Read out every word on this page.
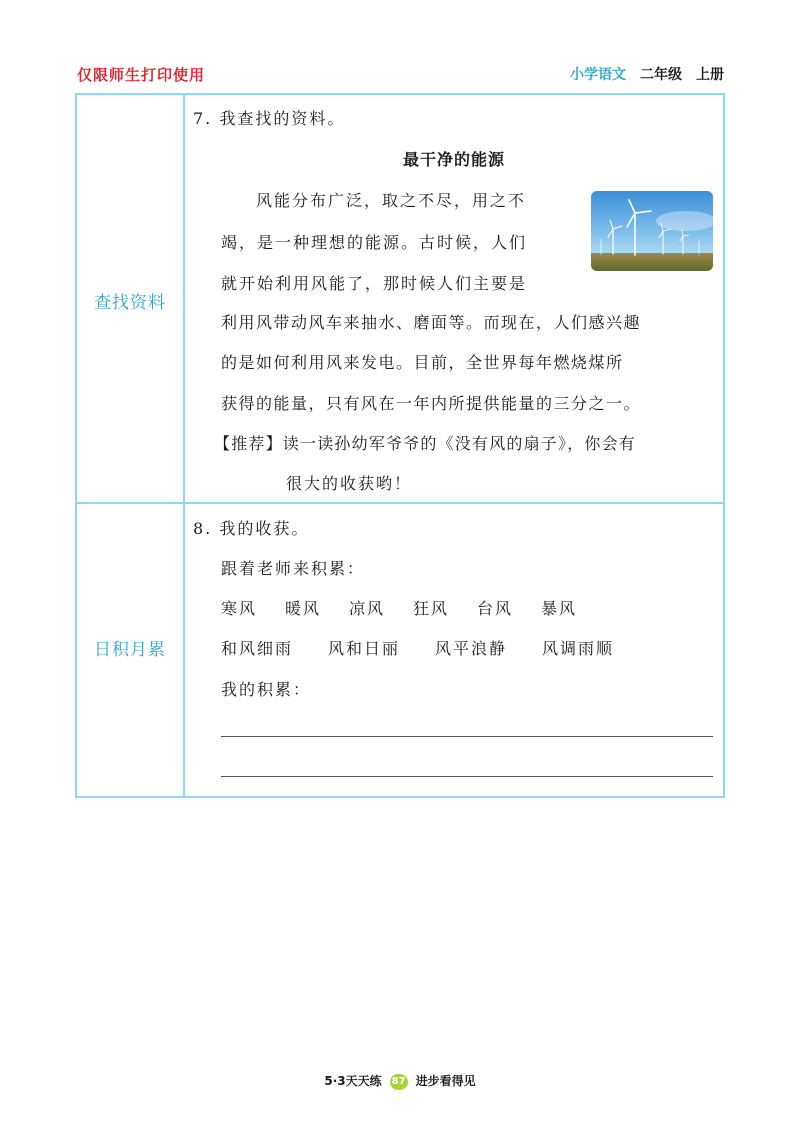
仅限师生打印使用	小学语文 二年级 上册
查找资料
日积月累
7. 我查找的资料。
最干净的能源
风能分布广泛，取之不尽，用之不
竭，是一种理想的能源。古时候，人们
就开始利用风能了，那时候人们主要是
利用风带动风车来抽水、磨面等。而现在，人们感兴趣
的是如何利用风来发电。目前，全世界每年燃烧煤所
获得的能量，只有风在一年内所提供能量的三分之一。
【推荐】读一读孙幼军爷爷的《没有风的扇子》，你会有
很大的收获哟！
8. 我的收获。
跟着老师来积累：
寒风 暖风 凉风 狂风 台风 暴风
和风细雨 风和日丽 风平浪静 风调雨顺
我的积累：
5·3天天练 87 进步看得见
